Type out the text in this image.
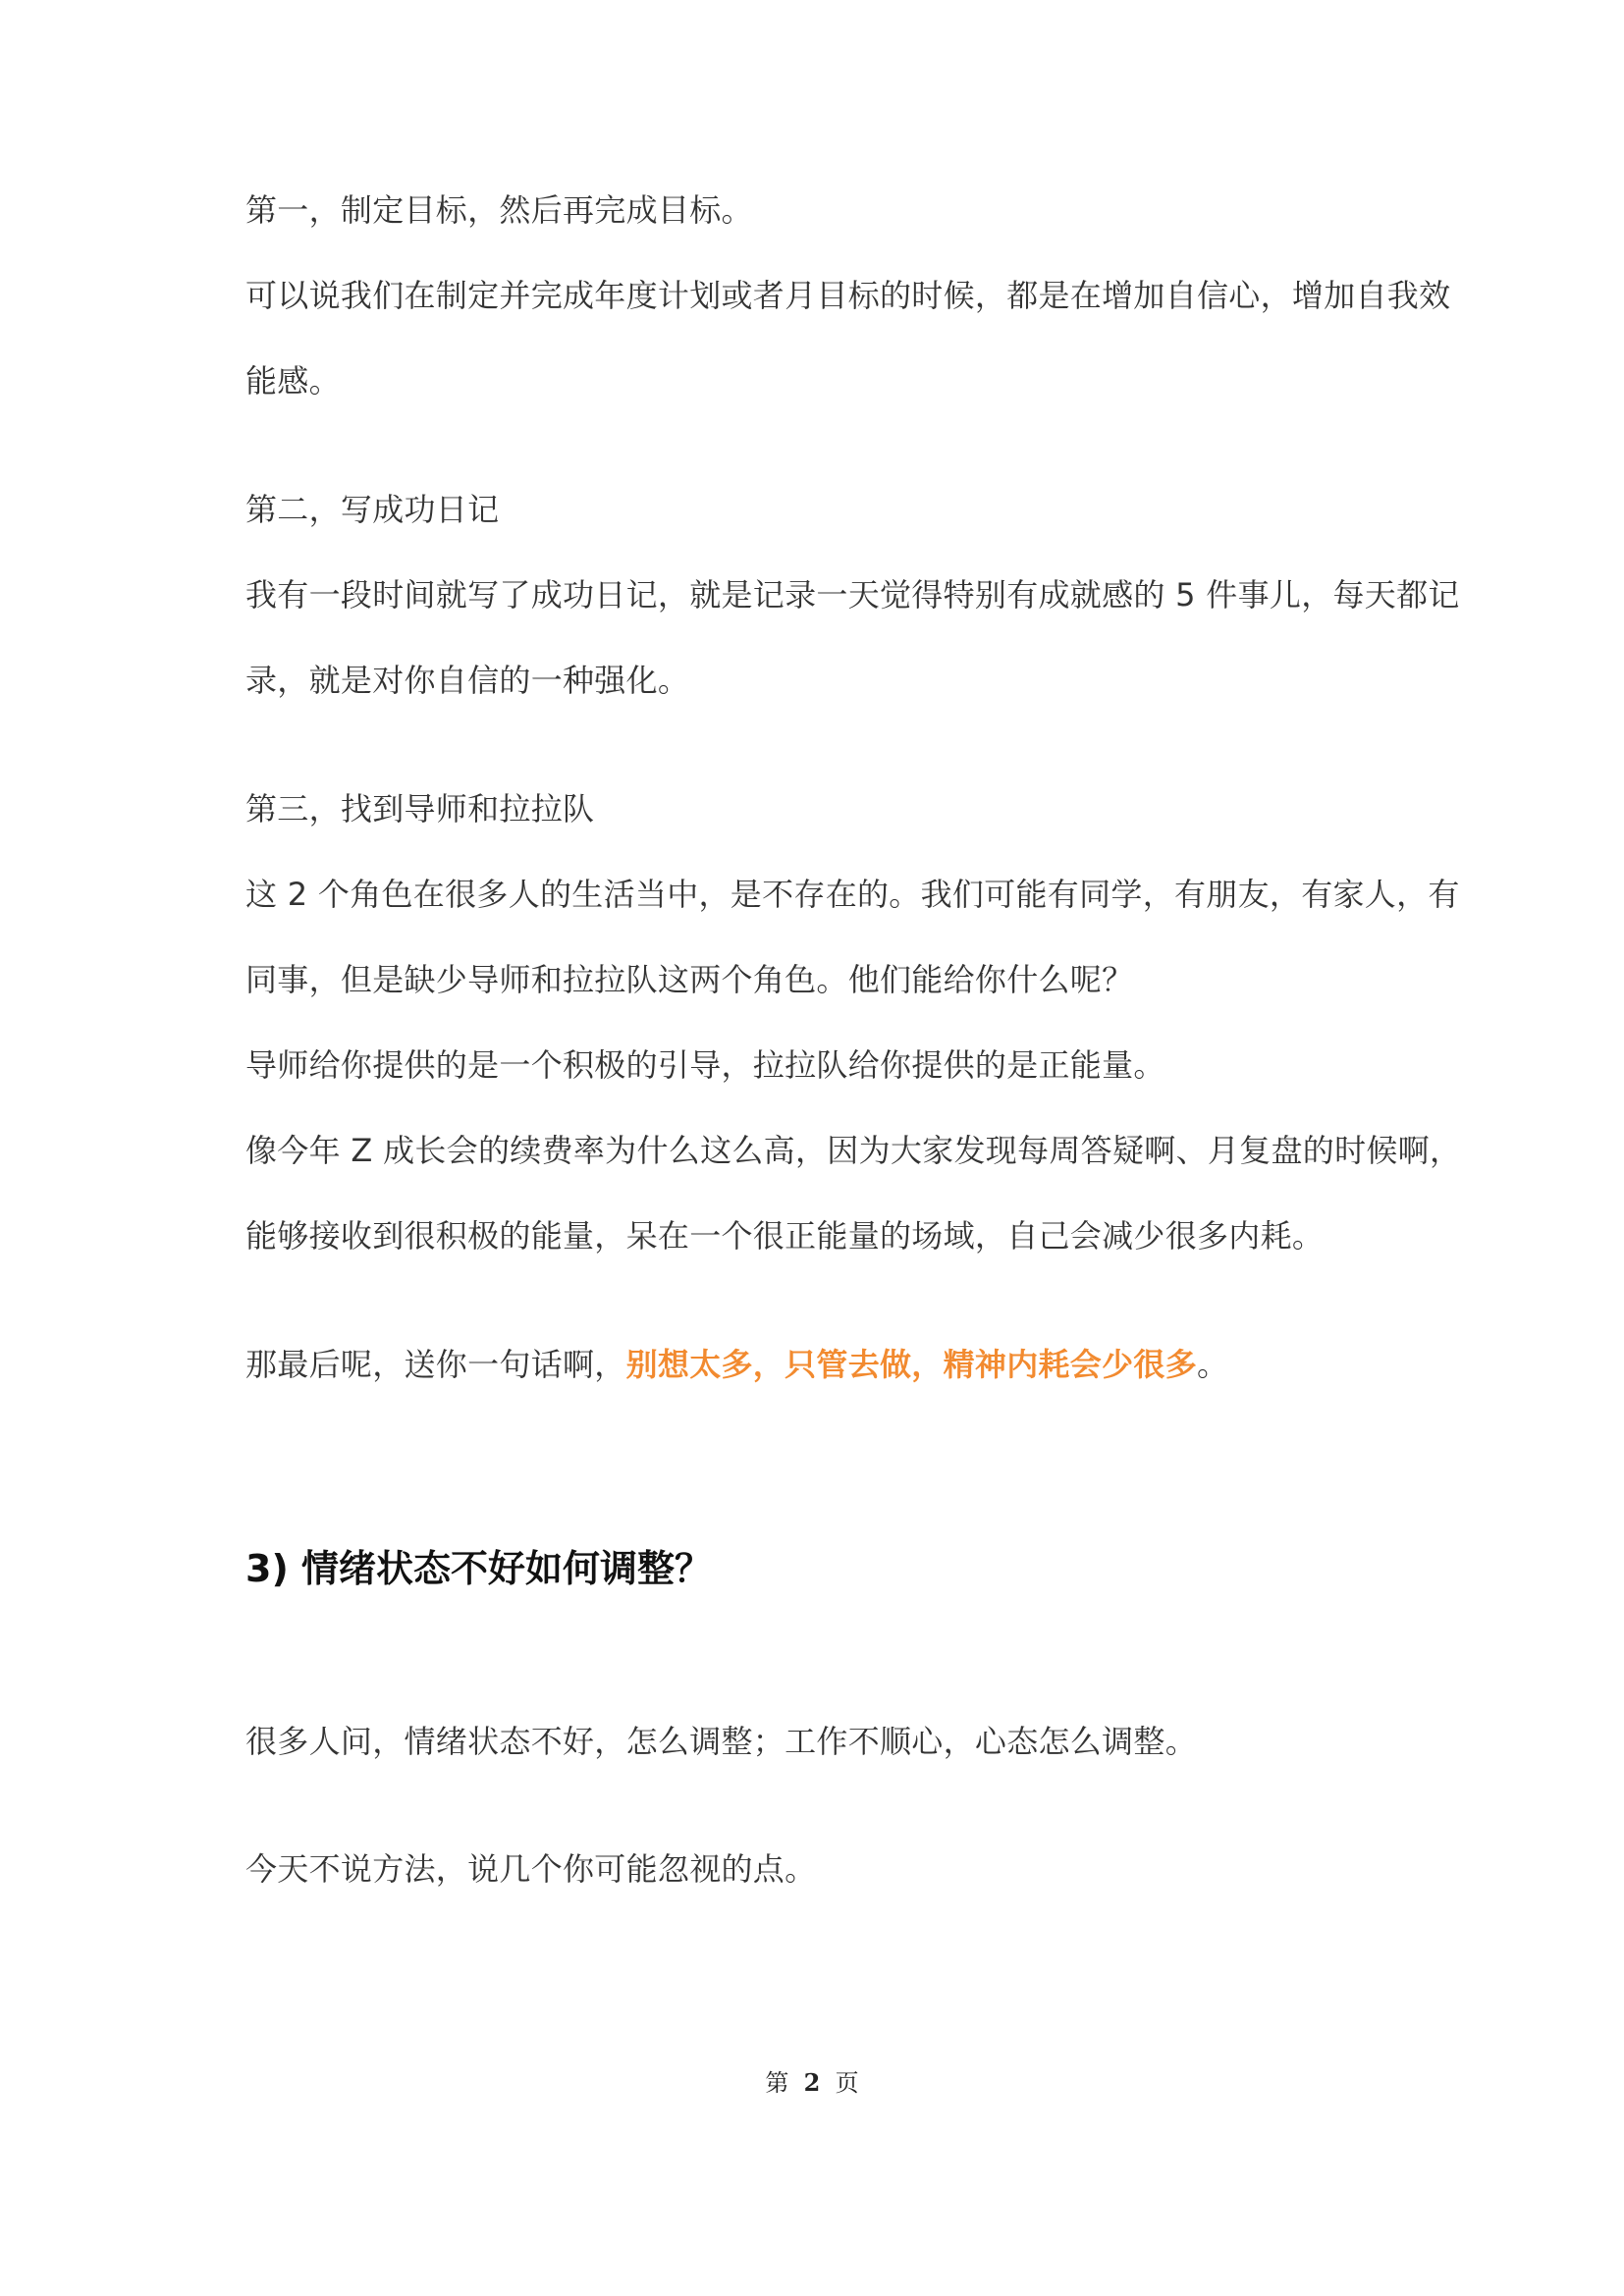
第一，制定目标，然后再完成目标。
可以说我们在制定并完成年度计划或者月目标的时候，都是在增加自信心，增加自我效
能感。
第二，写成功日记
我有一段时间就写了成功日记，就是记录一天觉得特别有成就感的 5 件事儿，每天都记
录，就是对你自信的一种强化。
第三，找到导师和拉拉队
这 2 个角色在很多人的生活当中，是不存在的。我们可能有同学，有朋友，有家人，有
同事，但是缺少导师和拉拉队这两个角色。他们能给你什么呢？
导师给你提供的是一个积极的引导，拉拉队给你提供的是正能量。
像今年 Z 成长会的续费率为什么这么高，因为大家发现每周答疑啊、月复盘的时候啊，
能够接收到很积极的能量，呆在一个很正能量的场域，自己会减少很多内耗。
那最后呢，送你一句话啊，别想太多，只管去做，精神内耗会少很多。
3) 情绪状态不好如何调整？
很多人问，情绪状态不好，怎么调整；工作不顺心，心态怎么调整。
今天不说方法，说几个你可能忽视的点。
第 2 页
